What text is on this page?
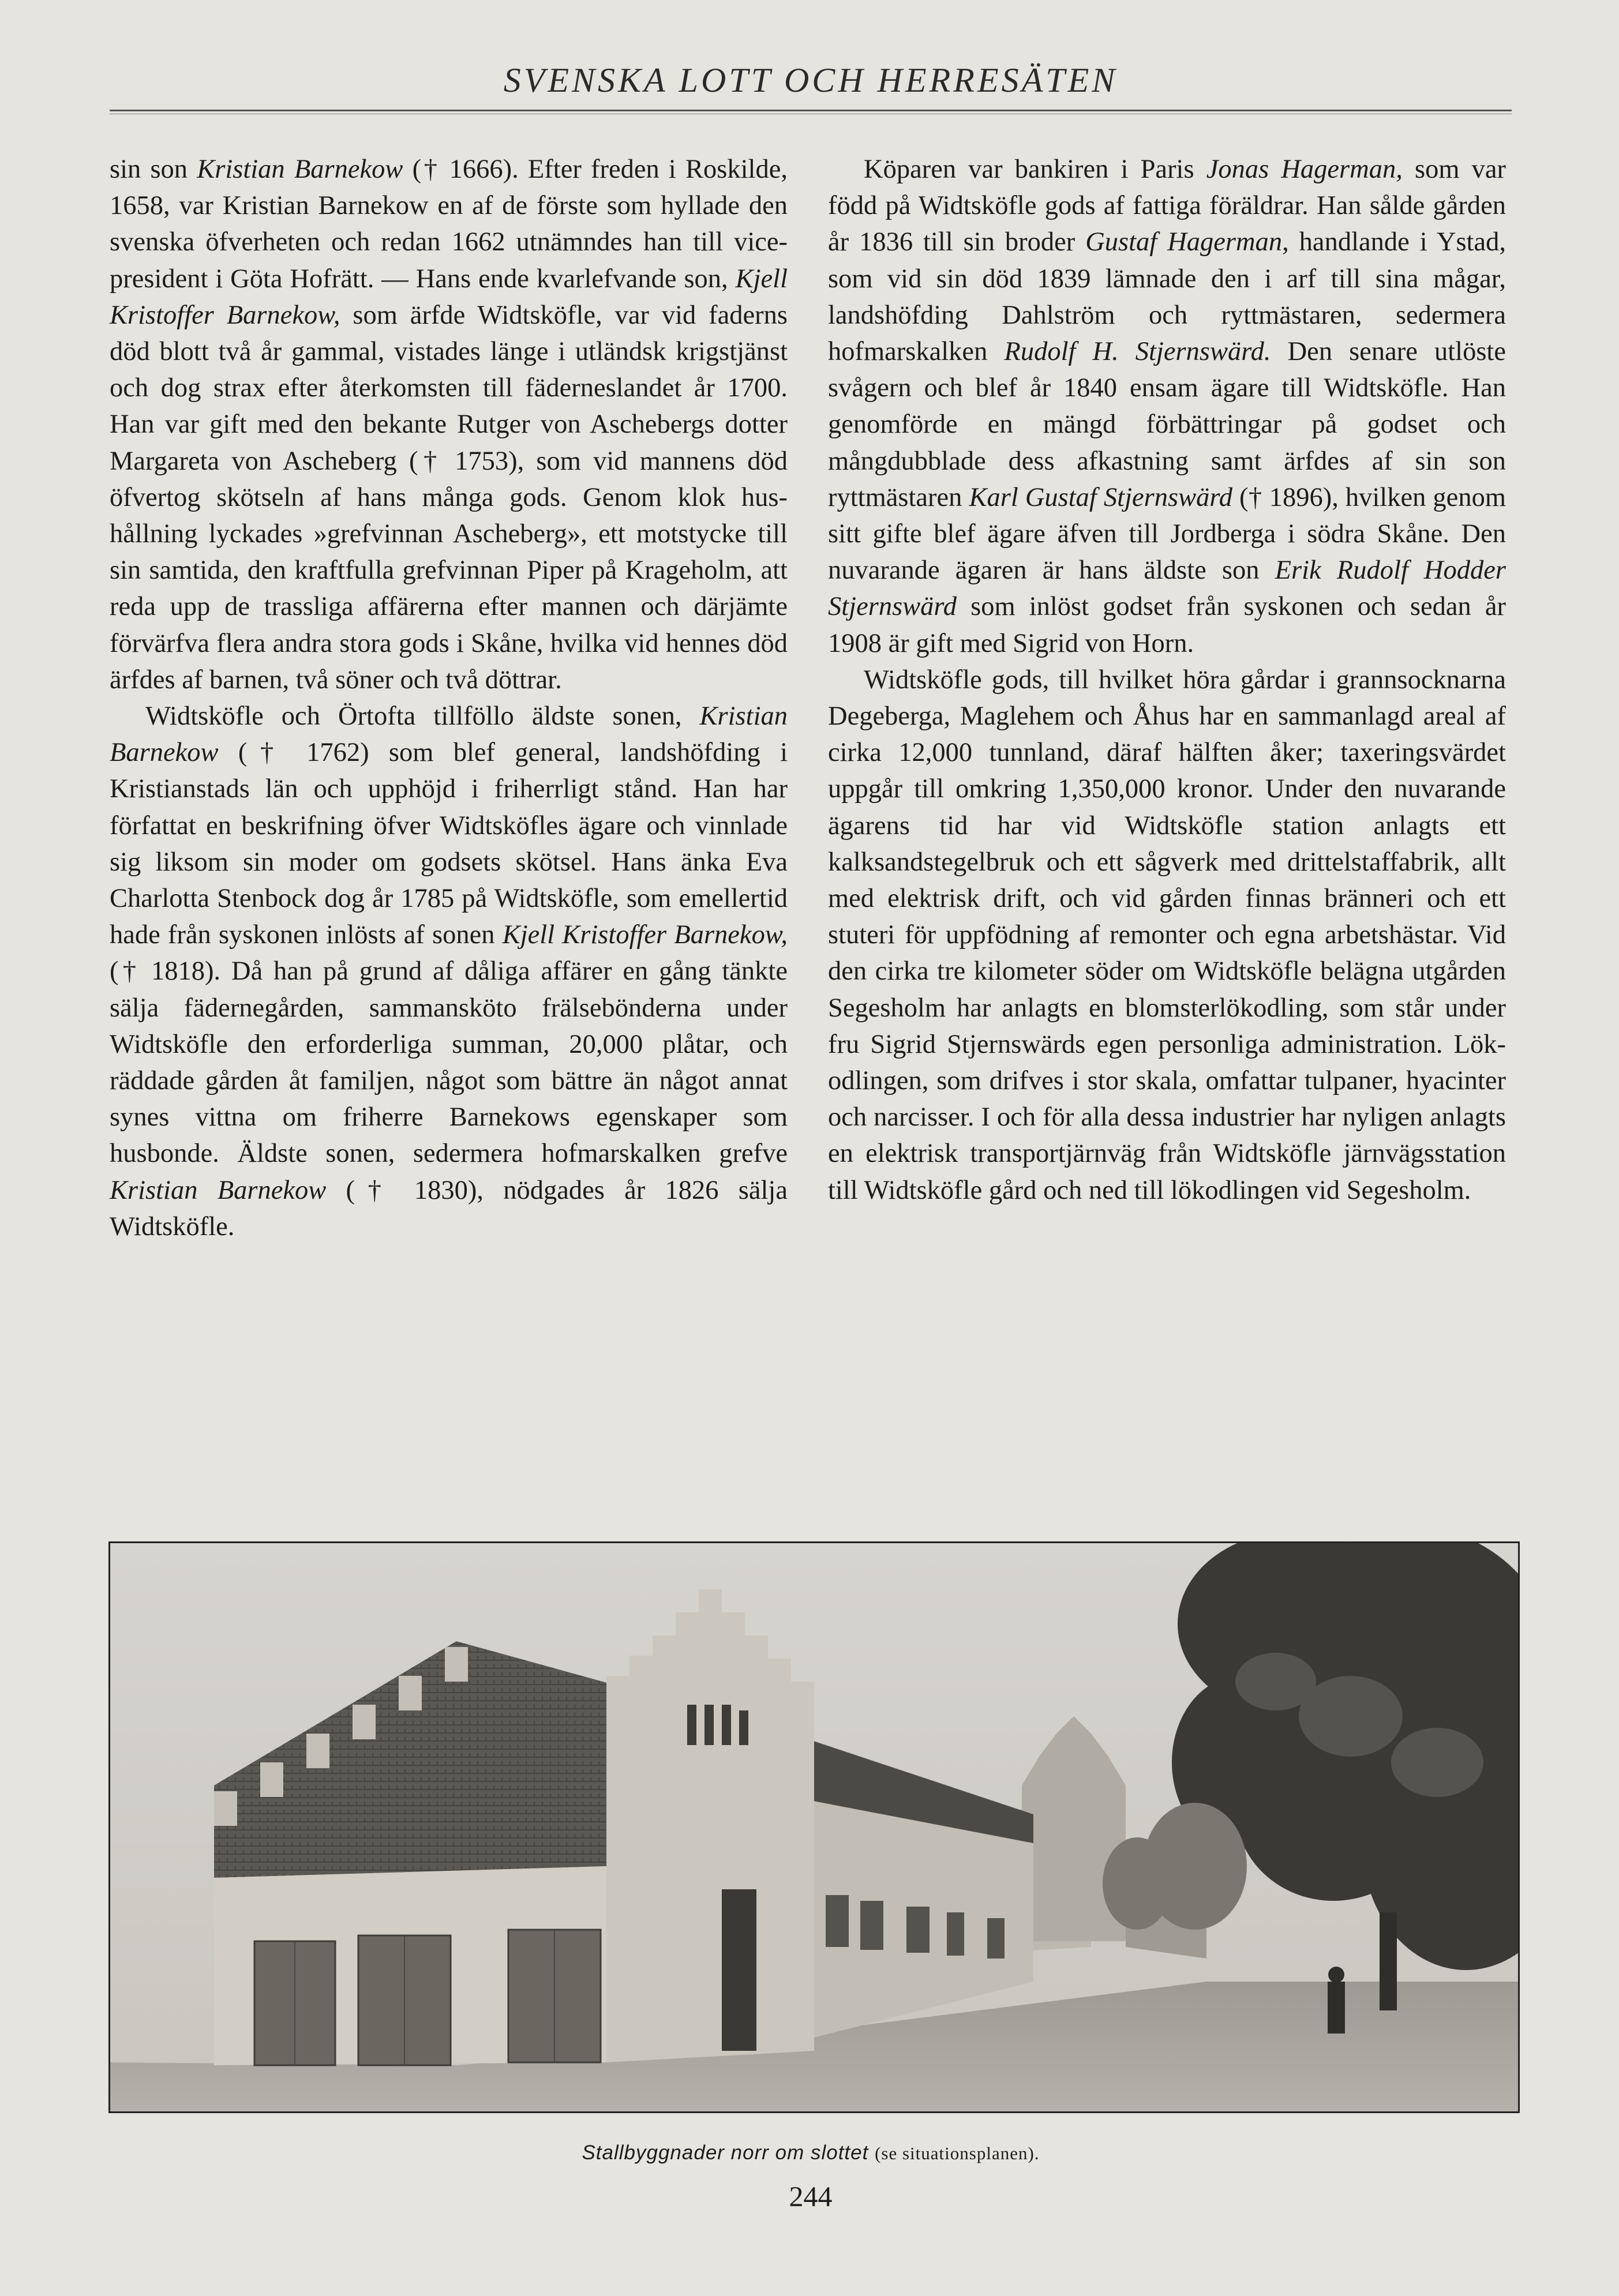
SVENSKA LOTT OCH HERRESÄTEN

sin son Kristian Barnekow († 1666). Efter freden i Roskilde, 1658, var Kristian Barnekow en af de förste som hyllade den svenska öfverheten och redan 1662 utnämndes han till vice-president i Göta Hofrätt. — Hans ende kvarlefvande son, Kjell Kristoffer Barnekow, som ärfde Widtsköfle, var vid faderns död blott två år gammal, vistades länge i utländsk krigstjänst och dog strax efter återkomsten till fäderneslandet år 1700. Han var gift med den bekante Rutger von Aschebergs dotter Margareta von Ascheberg († 1753), som vid mannens död öfvertog skötseln af hans många gods. Genom klok hushållning lyckades »grefvinnan Ascheberg», ett motstycke till sin samtida, den kraftfulla grefvinnan Piper på Krageholm, att reda upp de trassliga affärerna efter mannen och därjämte förvärfva flera andra stora gods i Skåne, hvilka vid hennes död ärfdes af barnen, två söner och två döttrar.

Widtsköfle och Örtofta tillföllo äldste sonen, Kristian Barnekow († 1762) som blef general, landshöfding i Kristianstads län och upphöjd i friherrligt stånd. Han har författat en beskrifning öfver Widtsköfles ägare och vinnlade sig liksom sin moder om godsets skötsel. Hans änka Eva Charlotta Stenbock dog år 1785 på Widtsköfle, som emellertid hade från syskonen inlösts af sonen Kjell Kristoffer Barnekow, († 1818). Då han på grund af dåliga affärer en gång tänkte sälja fädernegården, sammansköto frälsebönderna under Widtsköfle den erforderliga summan, 20,000 plåtar, och räddade gården åt familjen, något som bättre än något annat synes vittna om friherre Barnekows egenskaper som husbonde. Äldste sonen, sedermera hofmarskalken grefve Kristian Barnekow († 1830), nödgades år 1826 sälja Widtsköfle.

Köparen var bankiren i Paris Jonas Hagerman, som var född på Widtsköfle gods af fattiga föräldrar. Han sålde gården år 1836 till sin broder Gustaf Hagerman, handlande i Ystad, som vid sin död 1839 lämnade den i arf till sina mågar, landshöfding Dahlström och ryttmästaren, sedermera hofmarskalken Rudolf H. Stjernswärd. Den senare utlöste svågern och blef år 1840 ensam ägare till Widtsköfle. Han genomförde en mängd förbättringar på godset och mångdubblade dess afkastning samt ärfdes af sin son ryttmästaren Karl Gustaf Stjernswärd († 1896), hvilken genom sitt gifte blef ägare äfven till Jordberga i södra Skåne. Den nuvarande ägaren är hans äldste son Erik Rudolf Hodder Stjernswärd som inlöst godset från syskonen och sedan år 1908 är gift med Sigrid von Horn.

Widtsköfle gods, till hvilket höra gårdar i grannsocknarna Degeberga, Maglehem och Åhus har en sammanlagd areal af cirka 12,000 tunnland, däraf hälften åker; taxeringsvärdet uppgår till omkring 1,350,000 kronor. Under den nuvarande ägarens tid har vid Widtsköfle station anlagts ett kalksandstegelbruk och ett sågverk med drittelstaffabrik, allt med elektrisk drift, och vid gården finnas bränneri och ett stuteri för uppfödning af remonter och egna arbetshästar. Vid den cirka tre kilometer söder om Widtsköfle belägna utgården Segesholm har anlagts en blomsterlökodling, som står under fru Sigrid Stjernswärds egen personliga administration. Lökodlingen, som drifves i stor skala, omfattar tulpaner, hyacinter och narcisser. I och för alla dessa industrier har nyligen anlagts en elektrisk transportjärnväg från Widtsköfle järnvägsstation till Widtsköfle gård och ned till lökodlingen vid Segesholm.

Stallbyggnader norr om slottet (se situationsplanen).
244
